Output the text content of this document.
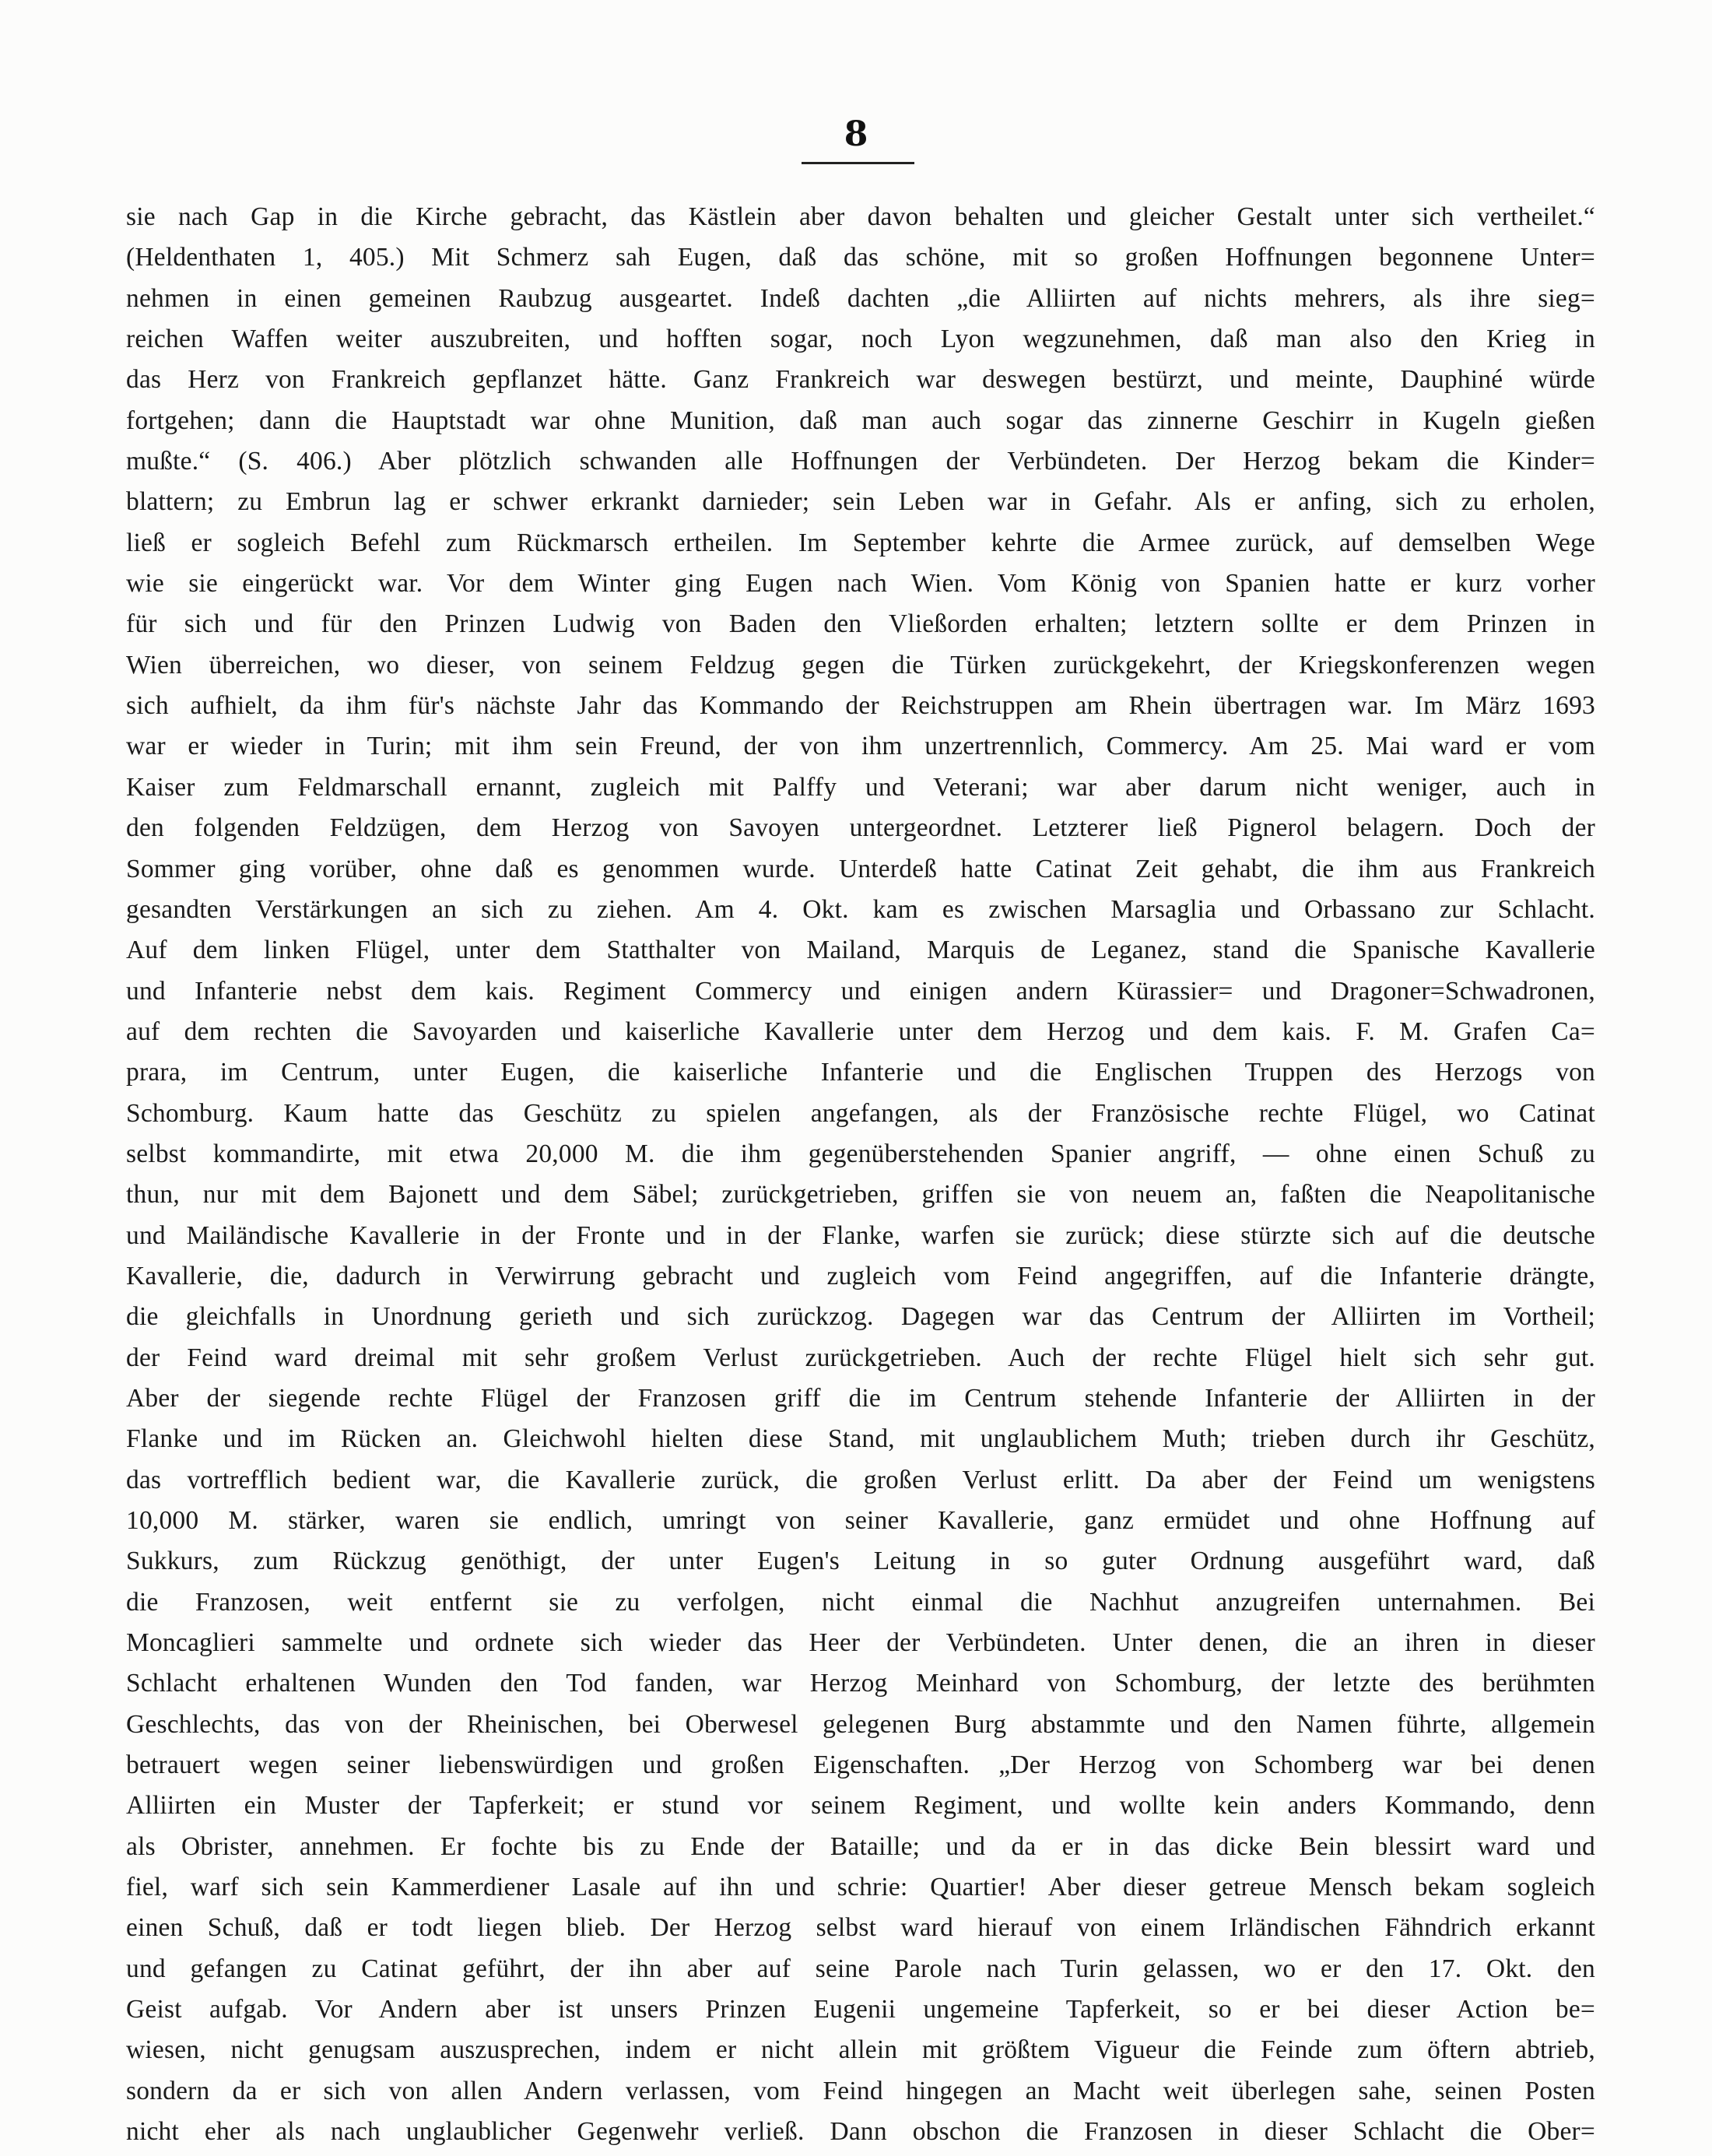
8
sie nach Gap in die Kirche gebracht, das Kästlein aber davon behalten und gleicher Gestalt unter sich vertheilet.“
(Heldenthaten 1, 405.) Mit Schmerz sah Eugen, daß das schöne, mit so großen Hoffnungen begonnene Unter=
nehmen in einen gemeinen Raubzug ausgeartet. Indeß dachten „die Alliirten auf nichts mehrers, als ihre sieg=
reichen Waffen weiter auszubreiten, und hofften sogar, noch Lyon wegzunehmen, daß man also den Krieg in
das Herz von Frankreich gepflanzet hätte. Ganz Frankreich war deswegen bestürzt, und meinte, Dauphiné würde
fortgehen; dann die Hauptstadt war ohne Munition, daß man auch sogar das zinnerne Geschirr in Kugeln gießen
mußte.“ (S. 406.) Aber plötzlich schwanden alle Hoffnungen der Verbündeten. Der Herzog bekam die Kinder=
blattern; zu Embrun lag er schwer erkrankt darnieder; sein Leben war in Gefahr. Als er anfing, sich zu erholen,
ließ er sogleich Befehl zum Rückmarsch ertheilen. Im September kehrte die Armee zurück, auf demselben Wege
wie sie eingerückt war. Vor dem Winter ging Eugen nach Wien. Vom König von Spanien hatte er kurz vorher
für sich und für den Prinzen Ludwig von Baden den Vließorden erhalten; letztern sollte er dem Prinzen in
Wien überreichen, wo dieser, von seinem Feldzug gegen die Türken zurückgekehrt, der Kriegskonferenzen wegen
sich aufhielt, da ihm für's nächste Jahr das Kommando der Reichstruppen am Rhein übertragen war. Im März 1693
war er wieder in Turin; mit ihm sein Freund, der von ihm unzertrennlich, Commercy. Am 25. Mai ward er vom
Kaiser zum Feldmarschall ernannt, zugleich mit Palffy und Veterani; war aber darum nicht weniger, auch in
den folgenden Feldzügen, dem Herzog von Savoyen untergeordnet. Letzterer ließ Pignerol belagern. Doch der
Sommer ging vorüber, ohne daß es genommen wurde. Unterdeß hatte Catinat Zeit gehabt, die ihm aus Frankreich
gesandten Verstärkungen an sich zu ziehen. Am 4. Okt. kam es zwischen Marsaglia und Orbassano zur Schlacht.
Auf dem linken Flügel, unter dem Statthalter von Mailand, Marquis de Leganez, stand die Spanische Kavallerie
und Infanterie nebst dem kais. Regiment Commercy und einigen andern Kürassier= und Dragoner=Schwadronen,
auf dem rechten die Savoyarden und kaiserliche Kavallerie unter dem Herzog und dem kais. F. M. Grafen Ca=
prara, im Centrum, unter Eugen, die kaiserliche Infanterie und die Englischen Truppen des Herzogs von
Schomburg. Kaum hatte das Geschütz zu spielen angefangen, als der Französische rechte Flügel, wo Catinat
selbst kommandirte, mit etwa 20,000 M. die ihm gegenüberstehenden Spanier angriff, — ohne einen Schuß zu
thun, nur mit dem Bajonett und dem Säbel; zurückgetrieben, griffen sie von neuem an, faßten die Neapolitanische
und Mailändische Kavallerie in der Fronte und in der Flanke, warfen sie zurück; diese stürzte sich auf die deutsche
Kavallerie, die, dadurch in Verwirrung gebracht und zugleich vom Feind angegriffen, auf die Infanterie drängte,
die gleichfalls in Unordnung gerieth und sich zurückzog. Dagegen war das Centrum der Alliirten im Vortheil;
der Feind ward dreimal mit sehr großem Verlust zurückgetrieben. Auch der rechte Flügel hielt sich sehr gut.
Aber der siegende rechte Flügel der Franzosen griff die im Centrum stehende Infanterie der Alliirten in der
Flanke und im Rücken an. Gleichwohl hielten diese Stand, mit unglaublichem Muth; trieben durch ihr Geschütz,
das vortrefflich bedient war, die Kavallerie zurück, die großen Verlust erlitt. Da aber der Feind um wenigstens
10,000 M. stärker, waren sie endlich, umringt von seiner Kavallerie, ganz ermüdet und ohne Hoffnung auf
Sukkurs, zum Rückzug genöthigt, der unter Eugen's Leitung in so guter Ordnung ausgeführt ward, daß
die Franzosen, weit entfernt sie zu verfolgen, nicht einmal die Nachhut anzugreifen unternahmen. Bei
Moncaglieri sammelte und ordnete sich wieder das Heer der Verbündeten. Unter denen, die an ihren in dieser
Schlacht erhaltenen Wunden den Tod fanden, war Herzog Meinhard von Schomburg, der letzte des berühmten
Geschlechts, das von der Rheinischen, bei Oberwesel gelegenen Burg abstammte und den Namen führte, allgemein
betrauert wegen seiner liebenswürdigen und großen Eigenschaften. „Der Herzog von Schomberg war bei denen
Alliirten ein Muster der Tapferkeit; er stund vor seinem Regiment, und wollte kein anders Kommando, denn
als Obrister, annehmen. Er fochte bis zu Ende der Bataille; und da er in das dicke Bein blessirt ward und
fiel, warf sich sein Kammerdiener Lasale auf ihn und schrie: Quartier! Aber dieser getreue Mensch bekam sogleich
einen Schuß, daß er todt liegen blieb. Der Herzog selbst ward hierauf von einem Irländischen Fähndrich erkannt
und gefangen zu Catinat geführt, der ihn aber auf seine Parole nach Turin gelassen, wo er den 17. Okt. den
Geist aufgab. Vor Andern aber ist unsers Prinzen Eugenii ungemeine Tapferkeit, so er bei dieser Action be=
wiesen, nicht genugsam auszusprechen, indem er nicht allein mit größtem Vigueur die Feinde zum öftern abtrieb,
sondern da er sich von allen Andern verlassen, vom Feind hingegen an Macht weit überlegen sahe, seinen Posten
nicht eher als nach unglaublicher Gegenwehr verließ. Dann obschon die Franzosen in dieser Schlacht die Ober=
